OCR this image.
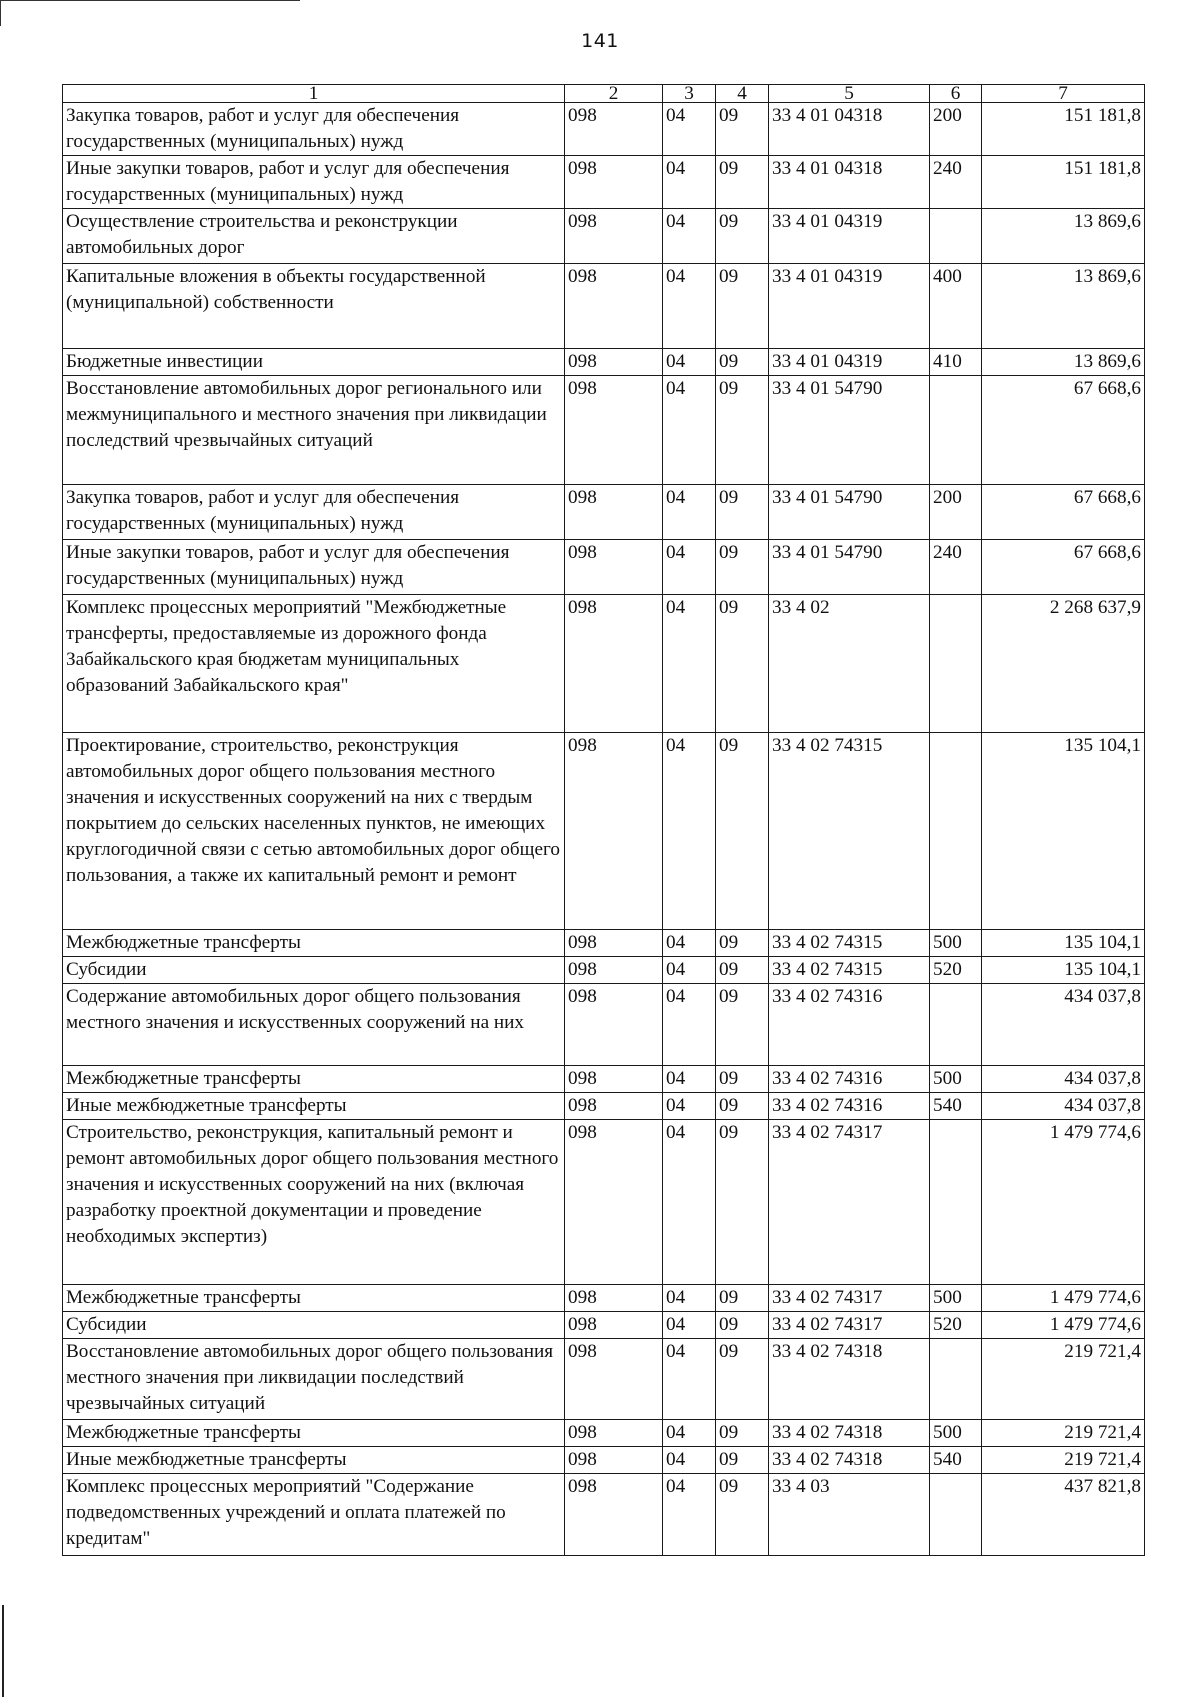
141
1	2	3	4	5	6	7
Закупка товаров, работ и услуг для обеспечения государственных (муниципальных) нужд	098	04	09	33 4 01 04318	200	151 181,8
Иные закупки товаров, работ и услуг для обеспечения государственных (муниципальных) нужд	098	04	09	33 4 01 04318	240	151 181,8
Осуществление строительства и реконструкции автомобильных дорог	098	04	09	33 4 01 04319		13 869,6
Капитальные вложения в объекты государственной (муниципальной) собственности	098	04	09	33 4 01 04319	400	13 869,6
Бюджетные инвестиции	098	04	09	33 4 01 04319	410	13 869,6
Восстановление автомобильных дорог регионального или межмуниципального и местного значения при ликвидации последствий чрезвычайных ситуаций	098	04	09	33 4 01 54790		67 668,6
Закупка товаров, работ и услуг для обеспечения государственных (муниципальных) нужд	098	04	09	33 4 01 54790	200	67 668,6
Иные закупки товаров, работ и услуг для обеспечения государственных (муниципальных) нужд	098	04	09	33 4 01 54790	240	67 668,6
Комплекс процессных мероприятий "Межбюджетные трансферты, предоставляемые из дорожного фонда Забайкальского края бюджетам муниципальных образований Забайкальского края"	098	04	09	33 4 02		2 268 637,9
Проектирование, строительство, реконструкция автомобильных дорог общего пользования местного значения и искусственных сооружений на них с твердым покрытием до сельских населенных пунктов, не имеющих круглогодичной связи с сетью автомобильных дорог общего пользования, а также их капитальный ремонт и ремонт	098	04	09	33 4 02 74315		135 104,1
Межбюджетные трансферты	098	04	09	33 4 02 74315	500	135 104,1
Субсидии	098	04	09	33 4 02 74315	520	135 104,1
Содержание автомобильных дорог общего пользования местного значения и искусственных сооружений на них	098	04	09	33 4 02 74316		434 037,8
Межбюджетные трансферты	098	04	09	33 4 02 74316	500	434 037,8
Иные межбюджетные трансферты	098	04	09	33 4 02 74316	540	434 037,8
Строительство, реконструкция, капитальный ремонт и ремонт автомобильных дорог общего пользования местного значения и искусственных сооружений на них (включая разработку проектной документации и проведение необходимых экспертиз)	098	04	09	33 4 02 74317		1 479 774,6
Межбюджетные трансферты	098	04	09	33 4 02 74317	500	1 479 774,6
Субсидии	098	04	09	33 4 02 74317	520	1 479 774,6
Восстановление автомобильных дорог общего пользования местного значения при ликвидации последствий чрезвычайных ситуаций	098	04	09	33 4 02 74318		219 721,4
Межбюджетные трансферты	098	04	09	33 4 02 74318	500	219 721,4
Иные межбюджетные трансферты	098	04	09	33 4 02 74318	540	219 721,4
Комплекс процессных мероприятий "Содержание подведомственных учреждений и оплата платежей по кредитам"	098	04	09	33 4 03		437 821,8
